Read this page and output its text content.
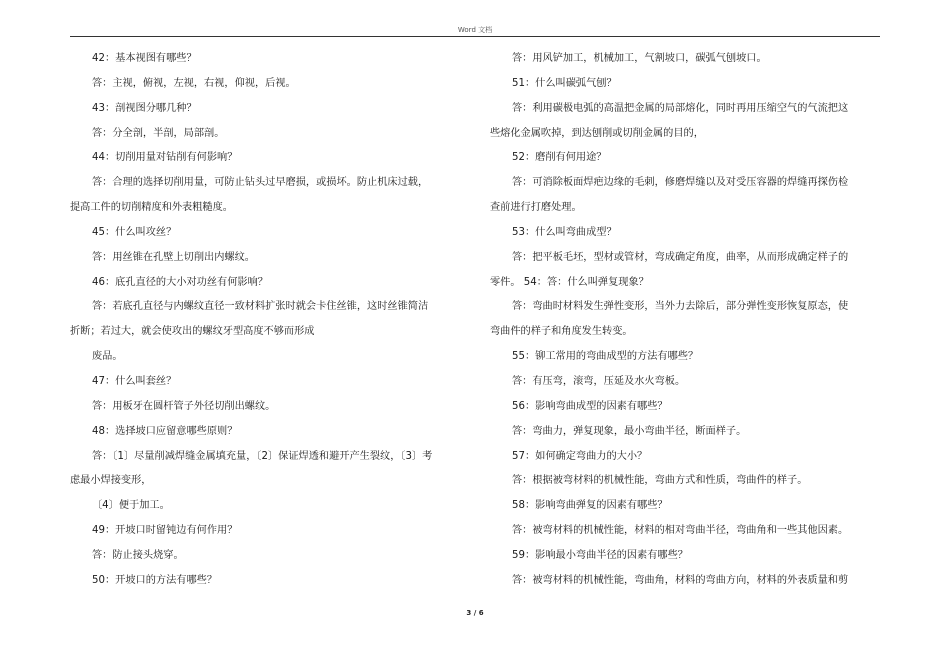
Word 文档
42：基本视图有哪些？
答：主视，俯视，左视，右视，仰视，后视。
43：剖视图分哪几种？
答：分全剖，半剖，局部剖。
44：切削用量对钻削有何影响？
答：合理的选择切削用量，可防止钻头过早磨损，或损坏。防止机床过载，
提高工件的切削精度和外表粗糙度。
45：什么叫攻丝？
答：用丝锥在孔壁上切削出内螺纹。
46：底孔直径的大小对功丝有何影响？
答：若底孔直径与内螺纹直径一致材料扩张时就会卡住丝锥，这时丝锥简洁
折断；若过大，就会使攻出的螺纹牙型高度不够而形成
废品。
47：什么叫套丝？
答：用板牙在圆杆管子外径切削出螺纹。
48：选择坡口应留意哪些原则？
答：〔1〕尽量削减焊缝金属填充量，〔2〕保证焊透和避开产生裂纹，〔3〕考
虑最小焊接变形，
〔4〕便于加工。
49：开坡口时留钝边有何作用？
答：防止接头烧穿。
50：开坡口的方法有哪些？
答：用风铲加工，机械加工，气割坡口，碳弧气刨坡口。
51：什么叫碳弧气刨？
答：利用碳极电弧的高温把金属的局部熔化，同时再用压缩空气的气流把这
些熔化金属吹掉，到达刨削或切削金属的目的，
52：磨削有何用途？
答：可消除板面焊疤边缘的毛刺，修磨焊缝以及对受压容器的焊缝再探伤检
查前进行打磨处理。
53：什么叫弯曲成型？
答：把平板毛坯，型材或管材，弯成确定角度，曲率，从而形成确定样子的
零件。 54：答：什么叫弹复现象？
答：弯曲时材料发生弹性变形，当外力去除后，部分弹性变形恢复原态，使
弯曲件的样子和角度发生转变。
55：铆工常用的弯曲成型的方法有哪些？
答：有压弯，滚弯，压延及水火弯板。
56：影响弯曲成型的因素有哪些？
答：弯曲力，弹复现象，最小弯曲半径，断面样子。
57：如何确定弯曲力的大小？
答：根据被弯材料的机械性能，弯曲方式和性质，弯曲件的样子。
58：影响弯曲弹复的因素有哪些？
答：被弯材料的机械性能，材料的相对弯曲半径，弯曲角和一些其他因素。
59：影响最小弯曲半径的因素有哪些？
答：被弯材料的机械性能，弯曲角，材料的弯曲方向，材料的外表质量和剪
3 / 6
